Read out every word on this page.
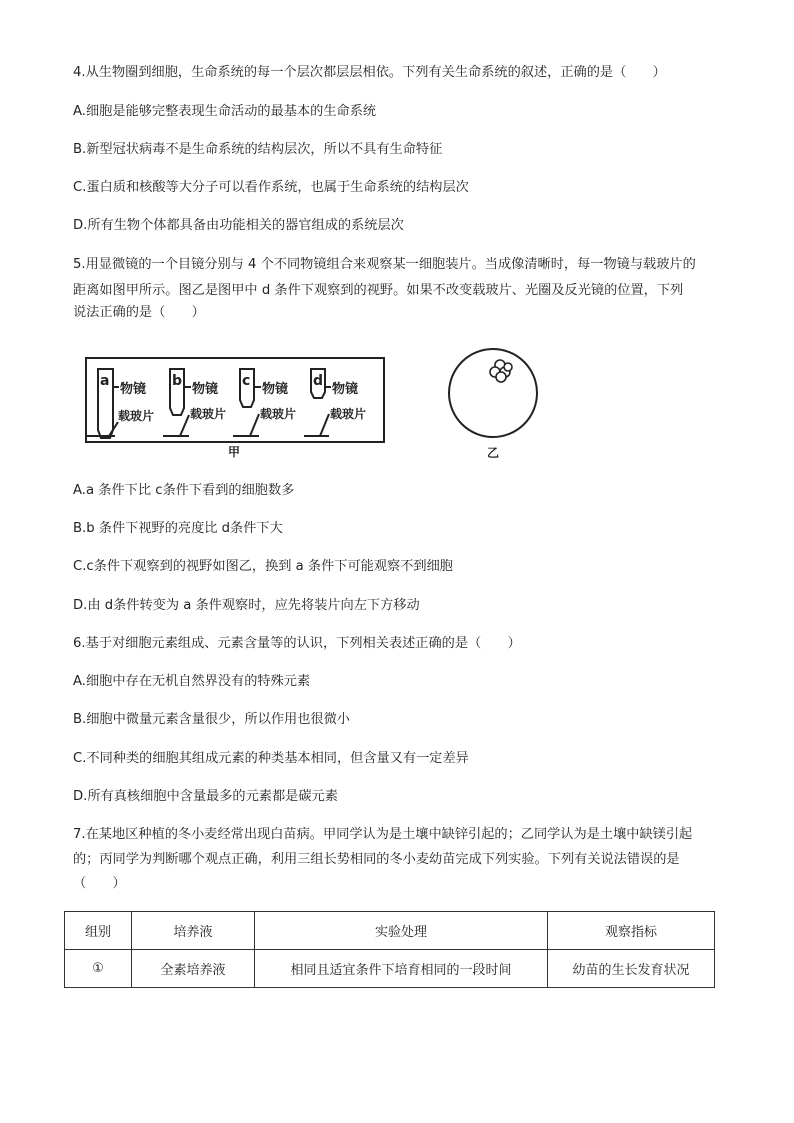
4.从生物圈到细胞，生命系统的每一个层次都层层相依。下列有关生命系统的叙述，正确的是（　　）
A.细胞是能够完整表现生命活动的最基本的生命系统
B.新型冠状病毒不是生命系统的结构层次，所以不具有生命特征
C.蛋白质和核酸等大分子可以看作系统，也属于生命系统的结构层次
D.所有生物个体都具备由功能相关的器官组成的系统层次
5.用显微镜的一个目镜分别与 4 个不同物镜组合来观察某一细胞装片。当成像清晰时，每一物镜与载玻片的
距离如图甲所示。图乙是图甲中 d 条件下观察到的视野。如果不改变载玻片、光圈及反光镜的位置，下列
说法正确的是（　　）
a	b	c	d
物镜	物镜	物镜	物镜
载玻片	载玻片	载玻片	载玻片
甲	乙
A.a 条件下比 c条件下看到的细胞数多
B.b 条件下视野的亮度比 d条件下大
C.c条件下观察到的视野如图乙，换到 a 条件下可能观察不到细胞
D.由 d条件转变为 a 条件观察时，应先将装片向左下方移动
6.基于对细胞元素组成、元素含量等的认识，下列相关表述正确的是（　　）
A.细胞中存在无机自然界没有的特殊元素
B.细胞中微量元素含量很少，所以作用也很微小
C.不同种类的细胞其组成元素的种类基本相同，但含量又有一定差异
D.所有真核细胞中含量最多的元素都是碳元素
7.在某地区种植的冬小麦经常出现白苗病。甲同学认为是土壤中缺锌引起的；乙同学认为是土壤中缺镁引起
的；丙同学为判断哪个观点正确，利用三组长势相同的冬小麦幼苗完成下列实验。下列有关说法错误的是
（　　）
组别	培养液	实验处理	观察指标
①	全素培养液	相同且适宜条件下培育相同的一段时间	幼苗的生长发育状况
